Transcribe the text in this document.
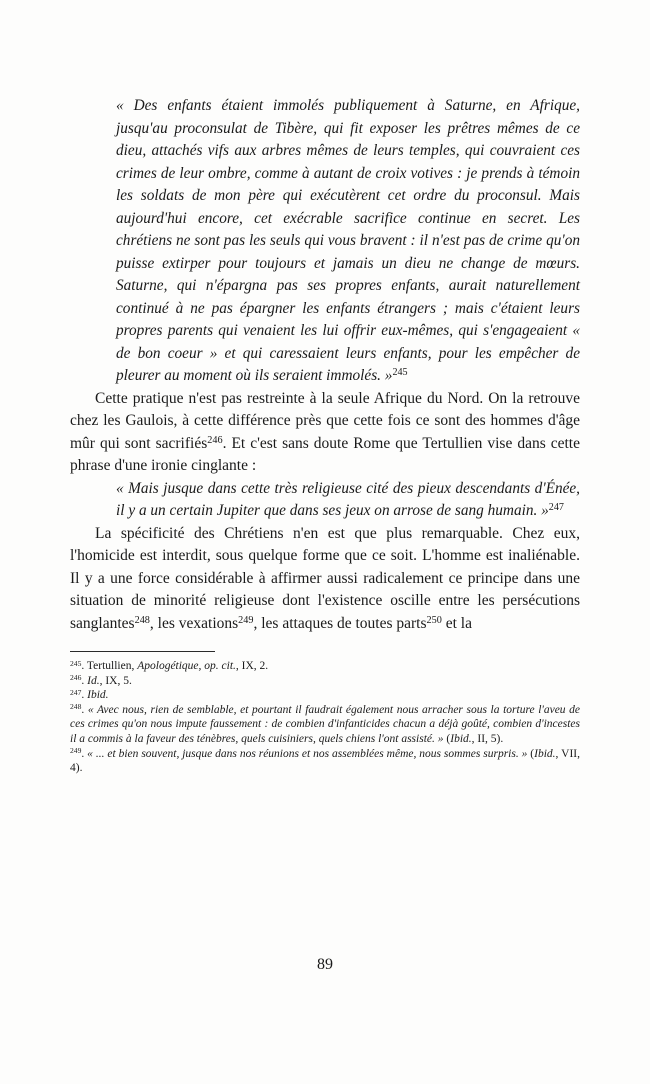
« Des enfants étaient immolés publiquement à Saturne, en Afrique, jusqu'au proconsulat de Tibère, qui fit exposer les prêtres mêmes de ce dieu, attachés vifs aux arbres mêmes de leurs temples, qui couvraient ces crimes de leur ombre, comme à autant de croix votives : je prends à témoin les soldats de mon père qui exécutèrent cet ordre du proconsul. Mais aujourd'hui encore, cet exécrable sacrifice continue en secret. Les chrétiens ne sont pas les seuls qui vous bravent : il n'est pas de crime qu'on puisse extirper pour toujours et jamais un dieu ne change de mœurs. Saturne, qui n'épargna pas ses propres enfants, aurait naturellement continué à ne pas épargner les enfants étrangers ; mais c'étaient leurs propres parents qui venaient les lui offrir eux-mêmes, qui s'engageaient « de bon coeur » et qui caressaient leurs enfants, pour les empêcher de pleurer au moment où ils seraient immolés. »$^{245}$

Cette pratique n'est pas restreinte à la seule Afrique du Nord. On la retrouve chez les Gaulois, à cette différence près que cette fois ce sont des hommes d'âge mûr qui sont sacrifiés$^{246}$. Et c'est sans doute Rome que Tertullien vise dans cette phrase d'une ironie cinglante :

« Mais jusque dans cette très religieuse cité des pieux descendants d'Énée, il y a un certain Jupiter que dans ses jeux on arrose de sang humain. »$^{247}$

La spécificité des Chrétiens n'en est que plus remarquable. Chez eux, l'homicide est interdit, sous quelque forme que ce soit. L'homme est inaliénable. Il y a une force considérable à affirmer aussi radicalement ce principe dans une situation de minorité religieuse dont l'existence oscille entre les persécutions sanglantes$^{248}$, les vexations$^{249}$, les attaques de toutes parts$^{250}$ et la

$^{245}$. Tertullien, Apologétique, op. cit., IX, 2.
$^{246}$. Id., IX, 5.
$^{247}$. Ibid.
$^{248}$. « Avec nous, rien de semblable, et pourtant il faudrait également nous arracher sous la torture l'aveu de ces crimes qu'on nous impute faussement : de combien d'infanticides chacun a déjà goûté, combien d'incestes il a commis à la faveur des ténèbres, quels cuisiniers, quels chiens l'ont assisté. » (Ibid., II, 5).
$^{249}$. « ... et bien souvent, jusque dans nos réunions et nos assemblées même, nous sommes surpris. » (Ibid., VII, 4).
89
